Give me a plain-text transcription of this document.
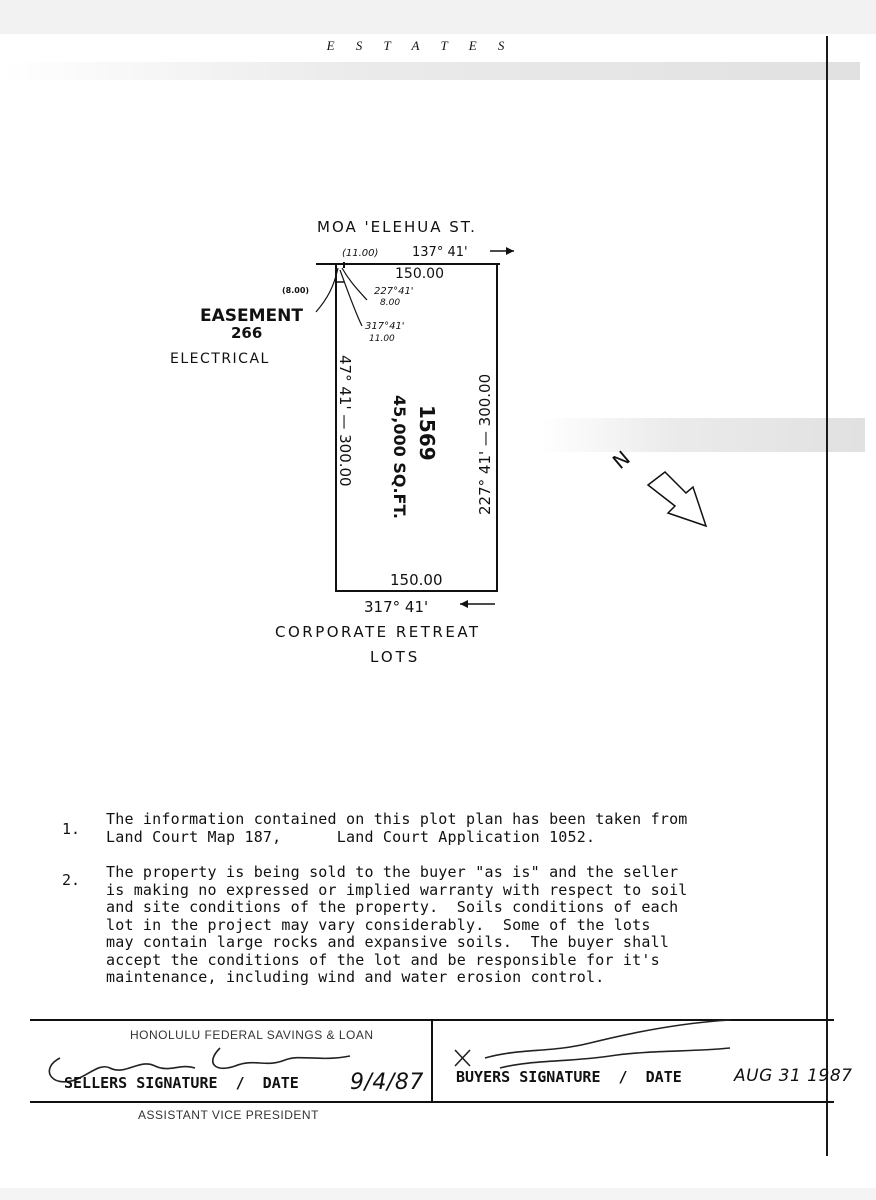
E S T A T E S
MOA 'ELEHUA ST.
(11.00)	137° 41'
150.00
(8.00)	227°41'
8.00
317°41'
11.00
EASEMENT
266
ELECTRICAL	47° 41' — 300.00	227° 41' — 300.00
1569
45,000 SQ.FT.
150.00
317° 41'
CORPORATE RETREAT
LOTS
N
1.
The information contained on this plot plan has been taken from
Land Court Map 187,      Land Court Application 1052.
2. The property is being sold to the buyer "as is" and the seller
is making no expressed or implied warranty with respect to soil
and site conditions of the property.  Soils conditions of each
lot in the project may vary considerably.  Some of the lots
may contain large rocks and expansive soils.  The buyer shall
accept the conditions of the lot and be responsible for it's
maintenance, including wind and water erosion control.
HONOLULU FEDERAL SAVINGS & LOAN
SELLERS SIGNATURE  /  DATE 9/4/87
ASSISTANT VICE PRESIDENT
BUYERS SIGNATURE  /  DATE	AUG 31 1987
